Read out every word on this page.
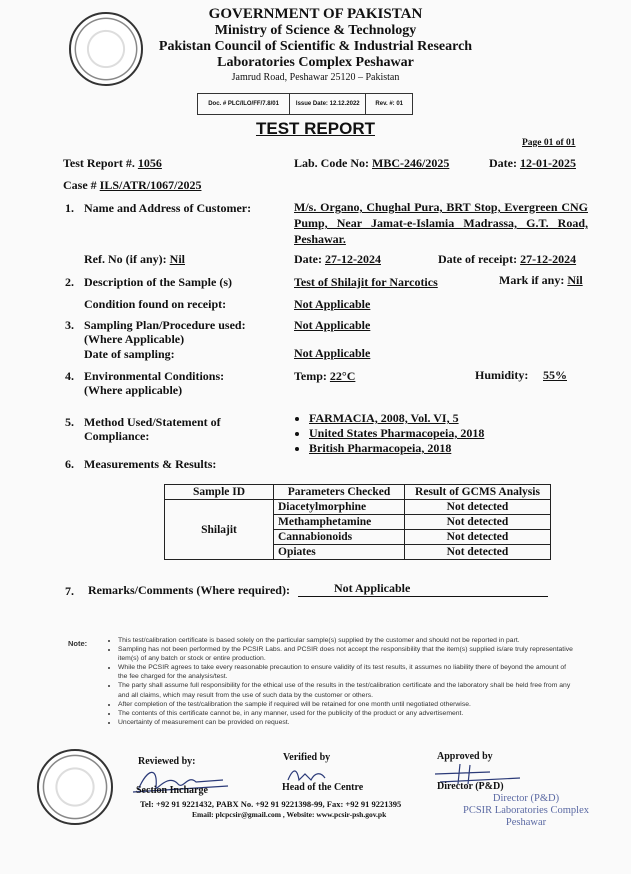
GOVERNMENT OF PAKISTAN
Ministry of Science & Technology
Pakistan Council of Scientific & Industrial Research
Laboratories Complex Peshawar
Jamrud Road, Peshawar 25120 – Pakistan
Doc. # PLC/ILO/FF/7.8/01	Issue Date: 12.12.2022	Rev. #: 01
TEST REPORT
Page 01 of 01
Test Report #. 1056	Lab. Code No: MBC-246/2025	Date: 12-01-2025
Case # ILS/ATR/1067/2025
1. Name and Address of Customer:	M/s. Organo, Chughal Pura, BRT Stop, Evergreen CNG Pump, Near Jamat-e-Islamia Madrassa, G.T. Road, Peshawar.
Ref. No (if any): Nil	Date: 27-12-2024	Date of receipt: 27-12-2024
2. Description of the Sample (s)	Test of Shilajit for Narcotics	Mark if any: Nil
Condition found on receipt:	Not Applicable
3. Sampling Plan/Procedure used:
(Where Applicable)
Not Applicable
Date of sampling:	Not Applicable
4. Environmental Conditions:
(Where applicable)
Temp: 22°C	Humidity: 55%
5. Method Used/Statement of
Compliance:
• FARMACIA, 2008, Vol. VI, 5
• United States Pharmacopeia, 2018
• British Pharmacopeia, 2018
6. Measurements & Results:
Sample ID	Parameters Checked	Result of GCMS Analysis
Shilajit	Diacetylmorphine	Not detected
	Methamphetamine	Not detected
	Cannabionoids	Not detected
	Opiates	Not detected
7. Remarks/Comments (Where required):	Not Applicable
Note:	• This test/calibration certificate is based solely on the particular sample(s) supplied by the customer and should not be reported in part.
• Sampling has not been performed by the PCSIR Labs. and PCSIR does not accept the responsibility that the item(s) supplied is/are truly representative item(s) of any batch or stock or entire production.
• While the PCSIR agrees to take every reasonable precaution to ensure validity of its test results, it assumes no liability there of beyond the amount of the fee charged for the analysis/test.
• The party shall assume full responsibility for the ethical use of the results in the test/calibration certificate and the laboratory shall be held free from any and all claims, which may result from the use of such data by the customer or others.
• After completion of the test/calibration the sample if required will be retained for one month until negotiated otherwise.
• The contents of this certificate cannot be, in any manner, used for the publicity of the product or any advertisement.
• Uncertainty of measurement can be provided on request.
Reviewed by:
Section Incharge
Verified by
Head of the Centre
Approved by
Director (P&D)
Director (P&D)
PCSIR Laboratories Complex
Peshawar
Tel: +92 91 9221432, PABX No. +92 91 9221398-99, Fax: +92 91 9221395
Email: plcpcsir@gmail.com , Website: www.pcsir-psh.gov.pk
